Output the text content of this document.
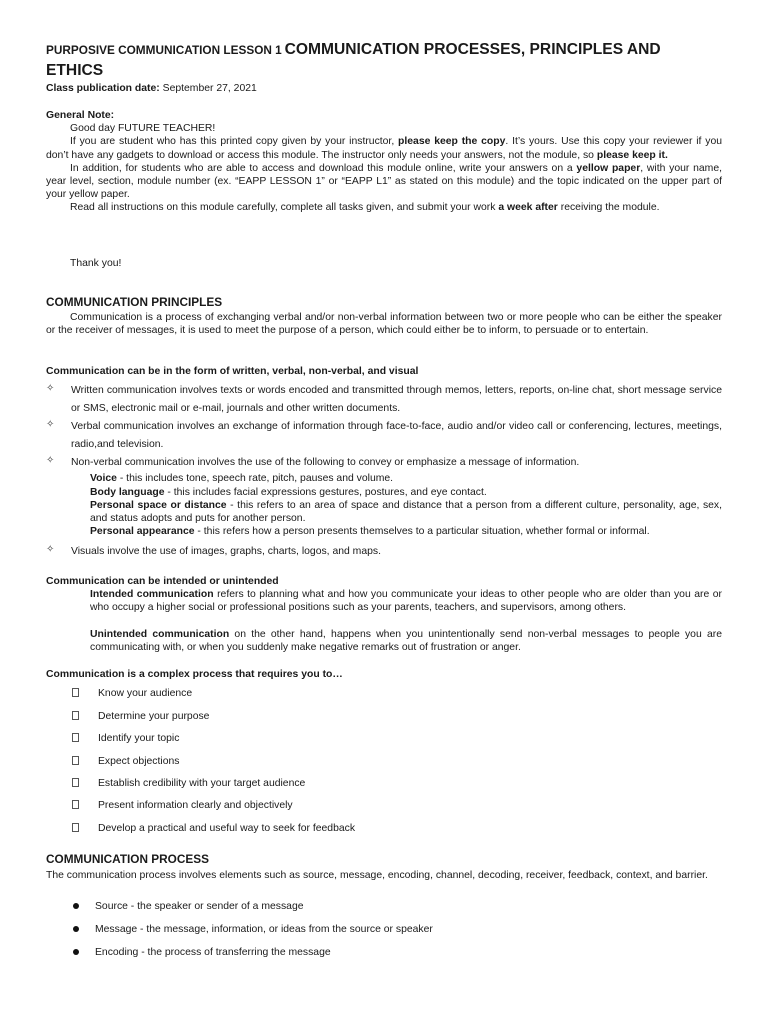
PURPOSIVE COMMUNICATION LESSON 1 COMMUNICATION PROCESSES, PRINCIPLES AND ETHICS
Class publication date: September 27, 2021
General Note:
Good day FUTURE TEACHER!

If you are student who has this printed copy given by your instructor, please keep the copy. It’s yours. Use this copy your reviewer if you don’t have any gadgets to download or access this module. The instructor only needs your answers, not the module, so please keep it.

In addition, for students who are able to access and download this module online, write your answers on a yellow paper, with your name, year level, section, module number (ex. “EAPP LESSON 1” or “EAPP L1” as stated on this module) and the topic indicated on the upper part of your yellow paper.

Read all instructions on this module carefully, complete all tasks given, and submit your work a week after receiving the module.

Thank you!
COMMUNICATION PRINCIPLES

Communication is a process of exchanging verbal and/or non-verbal information between two or more people who can be either the speaker or the receiver of messages, it is used to meet the purpose of a person, which could either be to inform, to persuade or to entertain.

Communication can be in the form of written, verbal, non-verbal, and visual
✧	Written communication involves texts or words encoded and transmitted through memos, letters, reports, on-line chat, short message service or SMS, electronic mail or e-mail, journals and other written documents.
✧	Verbal communication involves an exchange of information through face-to-face, audio and/or video call or conferencing, lectures, meetings, radio,and television.
✧	Non-verbal communication involves the use of the following to convey or emphasize a message of information.
Voice - this includes tone, speech rate, pitch, pauses and volume.
Body language - this includes facial expressions gestures, postures, and eye contact.
Personal space or distance - this refers to an area of space and distance that a person from a different culture, personality, age, sex, and status adopts and puts for another person.
Personal appearance - this refers how a person presents themselves to a particular situation, whether formal or informal.
✧	Visuals involve the use of images, graphs, charts, logos, and maps.
Communication can be intended or unintended
Intended communication refers to planning what and how you communicate your ideas to other people who are older than you are or who occupy a higher social or professional positions such as your parents, teachers, and supervisors, among others.
Unintended communication on the other hand, happens when you unintentionally send non-verbal messages to people you are communicating with, or when you suddenly make negative remarks out of frustration or anger.
Communication is a complex process that requires you to…
Know your audience
Determine your purpose
Identify your topic
Expect objections
Establish credibility with your target audience
Present information clearly and objectively
Develop a practical and useful way to seek for feedback
COMMUNICATION PROCESS

The communication process involves elements such as source, message, encoding, channel, decoding, receiver, feedback, context, and barrier.

Source - the speaker or sender of a message
Message - the message, information, or ideas from the source or speaker
Encoding - the process of transferring the message
